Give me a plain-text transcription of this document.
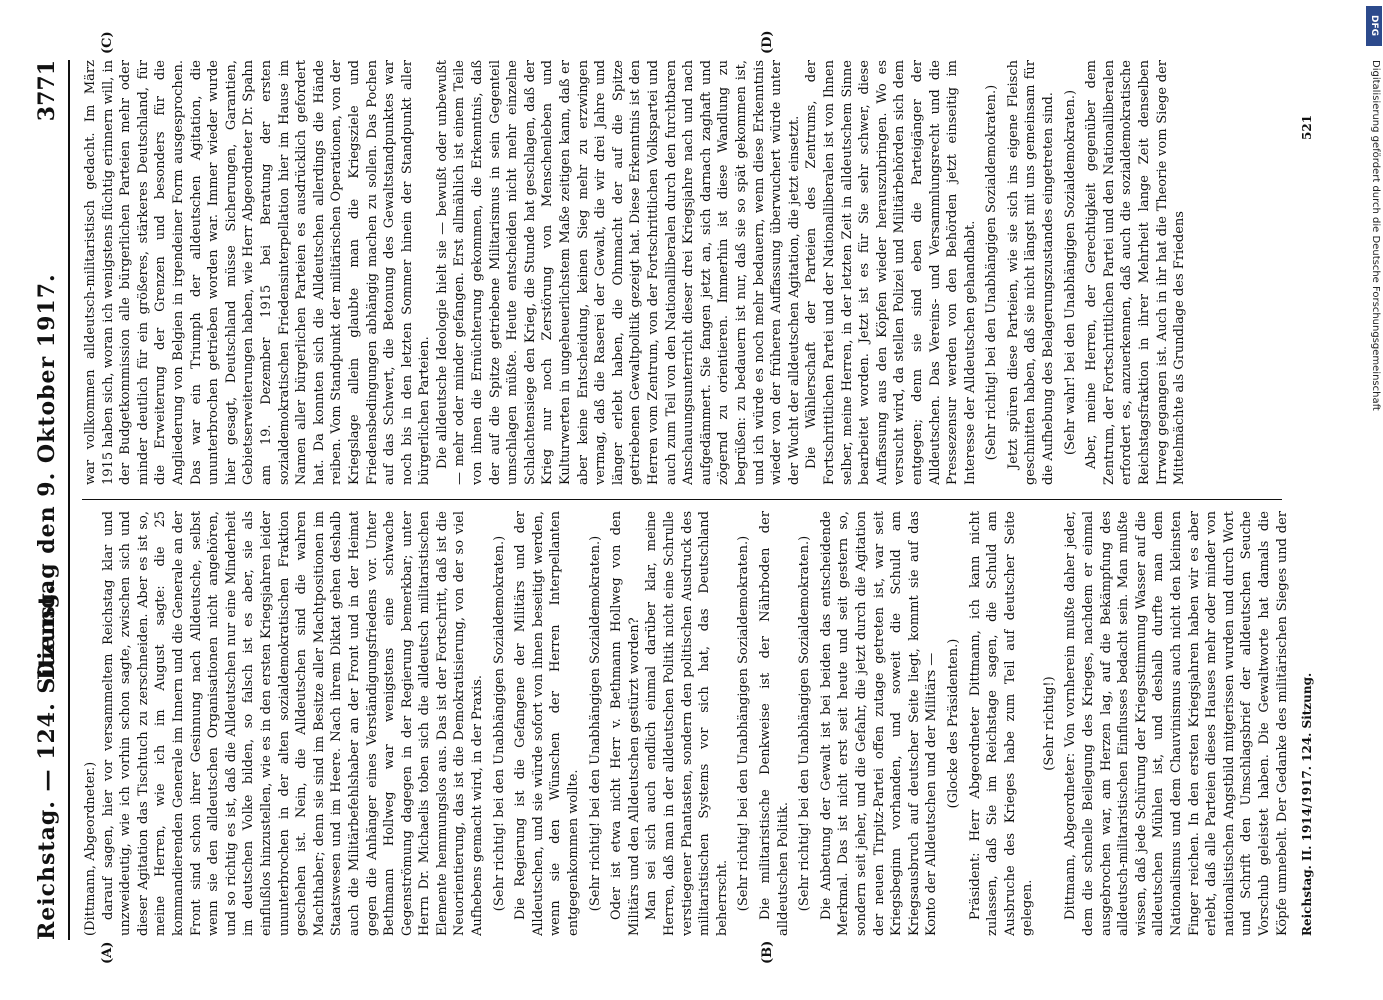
Reichstag. — 124. Sitzung.
Dienstag den 9. Oktober 1917.
3771
(A)	(B)
(C)	(D)

(Dittmann, Abgeordneter.) darauf sagen, hier vor versammeltem Reichstag klar und unzweideutig, wie ich vorhin schon sagte, zwischen sich und dieser Agitation das Tischtuch zu zerschneiden. Aber es ist so, meine Herren, wie ich im August sagte: die 25 kommandierenden Generale im Innern und die Generale an der Front sind schon ihrer Gesinnung nach Alldeutsche, selbst wenn sie den alldeutschen Organisationen nicht angehören, und so richtig es ist, daß die Alldeutschen nur eine Minderheit im deutschen Volke bilden, so falsch ist es aber, sie als einflußlos hinzustellen, wie es in den ersten Kriegsjahren leider ununterbrochen in der alten sozialdemokratischen Fraktion geschehen ist. Nein, die Alldeutschen sind die wahren Machthaber; denn sie sind im Besitze aller Machtpositionen im Staatswesen und im Heere. Nach ihrem Diktat gehen deshalb auch die Militärbefehlshaber an der Front und in der Heimat gegen die Anhänger eines Verständigungsfriedens vor. Unter Bethmann Hollweg war wenigstens eine schwache Gegenströmung dagegen in der Regierung bemerkbar; unter Herrn Dr. Michaelis toben sich die alldeutsch militaristischen Elemente hemmungslos aus. Das ist der Fortschritt, daß ist die Neuorientierung, das ist die Demokratisierung, von der so viel Aufhebens gemacht wird, in der Praxis. (Sehr richtig! bei den Unabhängigen Sozialdemokraten.) Die Regierung ist die Gefangene der Militärs und der Alldeutschen, und sie würde sofort von ihnen beseitigt werden, wenn sie den Wünschen der Herren Interpellanten entgegenkommen wollte. (Sehr richtig! bei den Unabhängigen Sozialdemokraten.) Oder ist etwa nicht Herr v. Bethmann Hollweg von den Militärs und den Alldeutschen gestürzt worden? Man sei sich auch endlich einmal darüber klar, meine Herren, daß man in der alldeutschen Politik nicht eine Schrulle verstiegener Phantasten, sondern den politischen Ausdruck des militaristischen Systems vor sich hat, das Deutschland beherrscht. (Sehr richtig! bei den Unabhängigen Sozialdemokraten.) Die militaristische Denkweise ist der Nährboden der alldeutschen Politik. (Sehr richtig! bei den Unabhängigen Sozialdemokraten.) Die Anbetung der Gewalt ist bei beiden das entscheidende Merkmal. Das ist nicht erst seit heute und seit gestern so, sondern seit jeher, und die Gefahr, die jetzt durch die Agitation der neuen Tirpitz-Partei offen zutage getreten ist, war seit Kriegsbeginn vorhanden, und soweit die Schuld am Kriegsausbruch auf deutscher Seite liegt, kommt sie auf das Konto der Alldeutschen und der Militärs — (Glocke des Präsidenten.) Präsident: Herr Abgeordneter Dittmann, ich kann nicht zulassen, daß Sie im Reichstage sagen, die Schuld am Ausbruche des Krieges habe zum Teil auf deutscher Seite gelegen.

(Sehr richtig!)

Dittmann, Abgeordneter: Von vornherein mußte daher jeder, dem die schnelle Beilegung des Krieges, nachdem er einmal ausgebrochen war, am Herzen lag, auf die Bekämpfung des alldeutsch-militaristischen Einflusses bedacht sein. Man mußte wissen, daß jede Schürung der Kriegsstimmung Wasser auf die alldeutschen Mühlen ist, und deshalb durfte man dem Nationalismus und dem Chauvinismus auch nicht den kleinsten Finger reichen. In den ersten Kriegsjahren haben wir es aber erlebt, daß alle Parteien dieses Hauses mehr oder minder von nationalistischen Angstbild mitgerissen wurden und durch Wort und Schrift den Umschlagsbrief der alldeutschen Seuche Vorschub geleistet haben. Die Gewaltworte hat damals die Köpfe umnebelt. Der Gedanke des militärischen Sieges und der

war vollkommen alldeutsch-militaristisch gedacht. Im März 1915 haben sich, woran ich wenigstens flüchtig erinnern will, in der Budgetkommission alle bürgerlichen Parteien mehr oder minder deutlich für ein größeres, stärkeres Deutschland, für die Erweiterung der Grenzen und besonders für die Angliederung von Belgien in irgendeiner Form ausgesprochen. Das war ein Triumph der alldeutschen Agitation, die ununterbrochen getrieben worden war. Immer wieder wurde hier gesagt, Deutschland müsse Sicherungen, Garantien, Gebietserweiterungen haben, wie Herr Abgeordneter Dr. Spahn am 19. Dezember 1915 bei Beratung der ersten sozialdemokratischen Friedensinterpellation hier im Hause im Namen aller bürgerlichen Parteien es ausdrücklich gefordert hat. Da konnten sich die Alldeutschen allerdings die Hände reiben. Vom Standpunkt der militärischen Operationen, von der Kriegslage allein glaubte man die Kriegsziele und Friedensbedingungen abhängig machen zu sollen. Das Pochen auf das Schwert, die Betonung des Gewaltstandpunktes war noch bis in den letzten Sommer hinein der Standpunkt aller bürgerlichen Parteien. Die alldeutsche Ideologie hielt sie — bewußt oder unbewußt — mehr oder minder gefangen. Erst allmählich ist einem Teile von ihnen die Ernüchterung gekommen, die Erkenntnis, daß der auf die Spitze getriebene Militarismus in sein Gegenteil umschlagen müßte. Heute entscheiden nicht mehr einzelne Schlachtensiege den Krieg, die Stunde hat geschlagen, daß der Krieg nur noch Zerstörung von Menschenleben und Kulturwerten in ungeheuerlichstem Maße zeitigen kann, daß er aber keine Entscheidung, keinen Sieg mehr zu erzwingen vermag, daß die Raserei der Gewalt, die wir drei Jahre und länger erlebt haben, die Ohnmacht der auf die Spitze getriebenen Gewaltpolitik gezeigt hat. Diese Erkenntnis ist den Herren vom Zentrum, von der Fortschrittlichen Volkspartei und auch zum Teil von den Nationalliberalen durch den furchtbaren Anschauungsunterricht dieser drei Kriegsjahre nach und nach aufgedämmert. Sie fangen jetzt an, sich darnach zaghaft und zögernd zu orientieren. Immerhin ist diese Wandlung zu begrüßen: zu bedauern ist nur, daß sie so spät gekommen ist, und ich würde es noch mehr bedauern, wenn diese Erkenntnis wieder von der früheren Auffassung überwuchert würde unter der Wucht der alldeutschen Agitation, die jetzt einsetzt. Die Wählerschaft der Parteien des Zentrums, der Fortschrittlichen Partei und der Nationalliberalen ist von Ihnen selber, meine Herren, in der letzten Zeit in alldeutschem Sinne bearbeitet worden. Jetzt ist es für Sie sehr schwer, diese Auffassung aus den Köpfen wieder herauszubringen. Wo es versucht wird, da stellen Polizei und Militärbehörden sich dem entgegen; denn sie sind eben die Parteigänger der Alldeutschen. Das Vereins- und Versammlungsrecht und die Pressezensur werden von den Behörden jetzt einseitig im Interesse der Alldeutschen gehandhabt. (Sehr richtig! bei den Unabhängigen Sozialdemokraten.) Jetzt spüren diese Parteien, wie sie sich ins eigene Fleisch geschnitten haben, daß sie nicht längst mit uns gemeinsam für die Aufhebung des Belagerungszustandes eingetreten sind. (Sehr wahr! bei den Unabhängigen Sozialdemokraten.) Aber, meine Herren, der Gerechtigkeit gegenüber dem Zentrum, der Fortschrittlichen Partei und den Nationalliberalen erfordert es, anzuerkennen, daß auch die sozialdemokratische Reichstagsfraktion in ihrer Mehrheit lange Zeit denselben Irrweg gegangen ist. Auch in ihr hat die Theorie vom Siege der Mittelmächte als Grundlage des Friedens

Reichstag. II. 1914/1917. 124. Sitzung.
521
DFG
Digitalisierung gefördert durch die Deutsche Forschungsgemeinschaft
